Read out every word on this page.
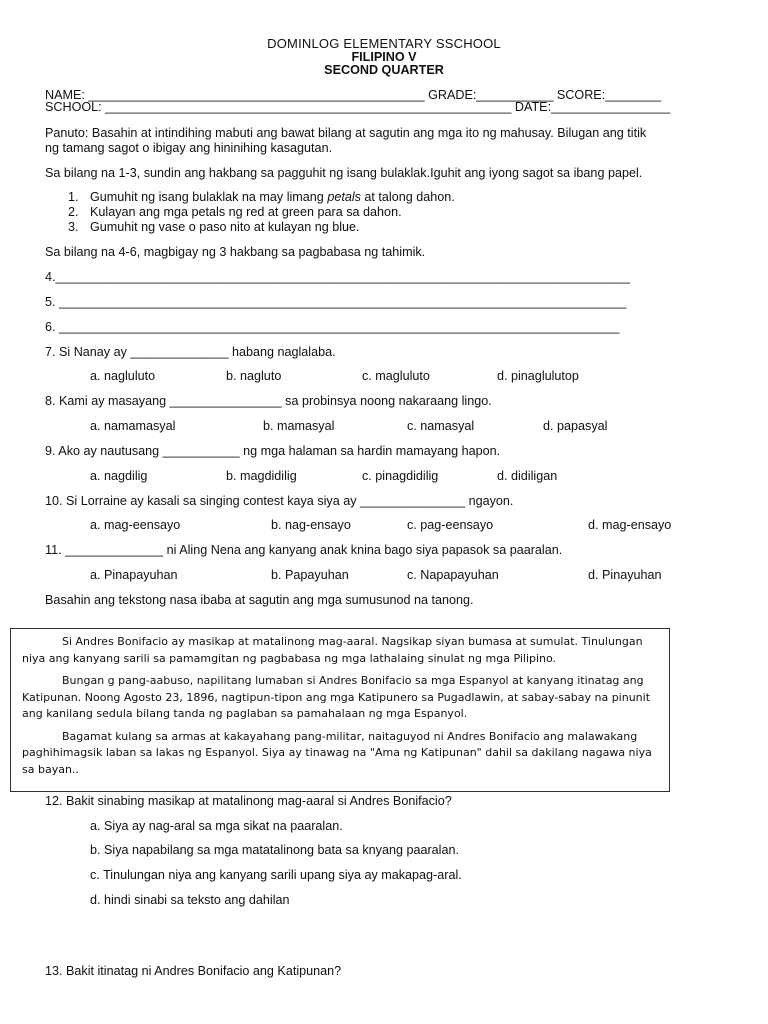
DOMINLOG ELEMENTARY SSCHOOL
FILIPINO V
SECOND QUARTER
NAME: ________________________________________________ GRADE:___________ SCORE:________
SCHOOL: __________________________________________________________ DATE:_________________
Panuto: Basahin at intindihing mabuti ang bawat bilang at sagutin ang mga ito ng mahusay. Bilugan ang titik
ng tamang sagot o ibigay ang hininihing kasagutan.
Sa bilang na 1-3, sundin ang hakbang sa pagguhit ng isang bulaklak.Iguhit ang iyong sagot sa ibang papel.
1. Gumuhit ng isang bulaklak na may limang petals at talong dahon.
2. Kulayan ang mga petals ng red at green para sa dahon.
3. Gumuhit ng vase o paso nito at kulayan ng blue.
Sa bilang na 4-6, magbigay ng 3 hakbang sa pagbabasa ng tahimik.
4.__________________________________________________________________________________
5. _________________________________________________________________________________
6. ________________________________________________________________________________
7. Si Nanay ay ______________ habang naglalaba.
a. nagluluto	b. nagluto	c. magluluto	d. pinaglulutop
8. Kami ay masayang ________________ sa probinsya noong nakaraang lingo.
a. namamasyal	b. mamasyal	c. namasyal	d. papasyal
9. Ako ay nautusang ___________ ng mga halaman sa hardin mamayang hapon.
a. nagdilig	b. magdidilig	c. pinagdidilig	d. didiligan
10. Si Lorraine ay kasali sa singing contest kaya siya ay _______________ ngayon.
a. mag-eensayo	b. nag-ensayo	c. pag-eensayo	d. mag-ensayo
11. ______________ ni Aling Nena ang kanyang anak knina bago siya papasok sa paaralan.
a. Pinapayuhan	b. Papayuhan	c. Napapayuhan	d. Pinayuhan
Basahin ang tekstong nasa ibaba at sagutin ang mga sumusunod na tanong.

Si Andres Bonifacio ay masikap at matalinong mag-aaral. Nagsikap siyan bumasa at sumulat. Tinulungan niya ang kanyang sarili sa pamamgitan ng pagbabasa ng mga lathalaing sinulat ng mga Pilipino.

Bungan g pang-aabuso, napilitang lumaban si Andres Bonifacio sa mga Espanyol at kanyang itinatag ang Katipunan. Noong Agosto 23, 1896, nagtipun-tipon ang mga Katipunero sa Pugadlawin, at sabay-sabay na pinunit ang kanilang sedula bilang tanda ng paglaban sa pamahalaan ng mga Espanyol.

Bagamat kulang sa armas at kakayahang pang-militar, naitaguyod ni Andres Bonifacio ang malawakang paghihimagsik laban sa lakas ng Espanyol. Siya ay tinawag na "Ama ng Katipunan" dahil sa dakilang nagawa niya sa bayan..

12. Bakit sinabing masikap at matalinong mag-aaral si Andres Bonifacio?
a. Siya ay nag-aral sa mga sikat na paaralan.
b. Siya napabilang sa mga matatalinong bata sa knyang paaralan.
c. Tinulungan niya ang kanyang sarili upang siya ay makapag-aral.
d. hindi sinabi sa teksto ang dahilan
13. Bakit itinatag ni Andres Bonifacio ang Katipunan?
